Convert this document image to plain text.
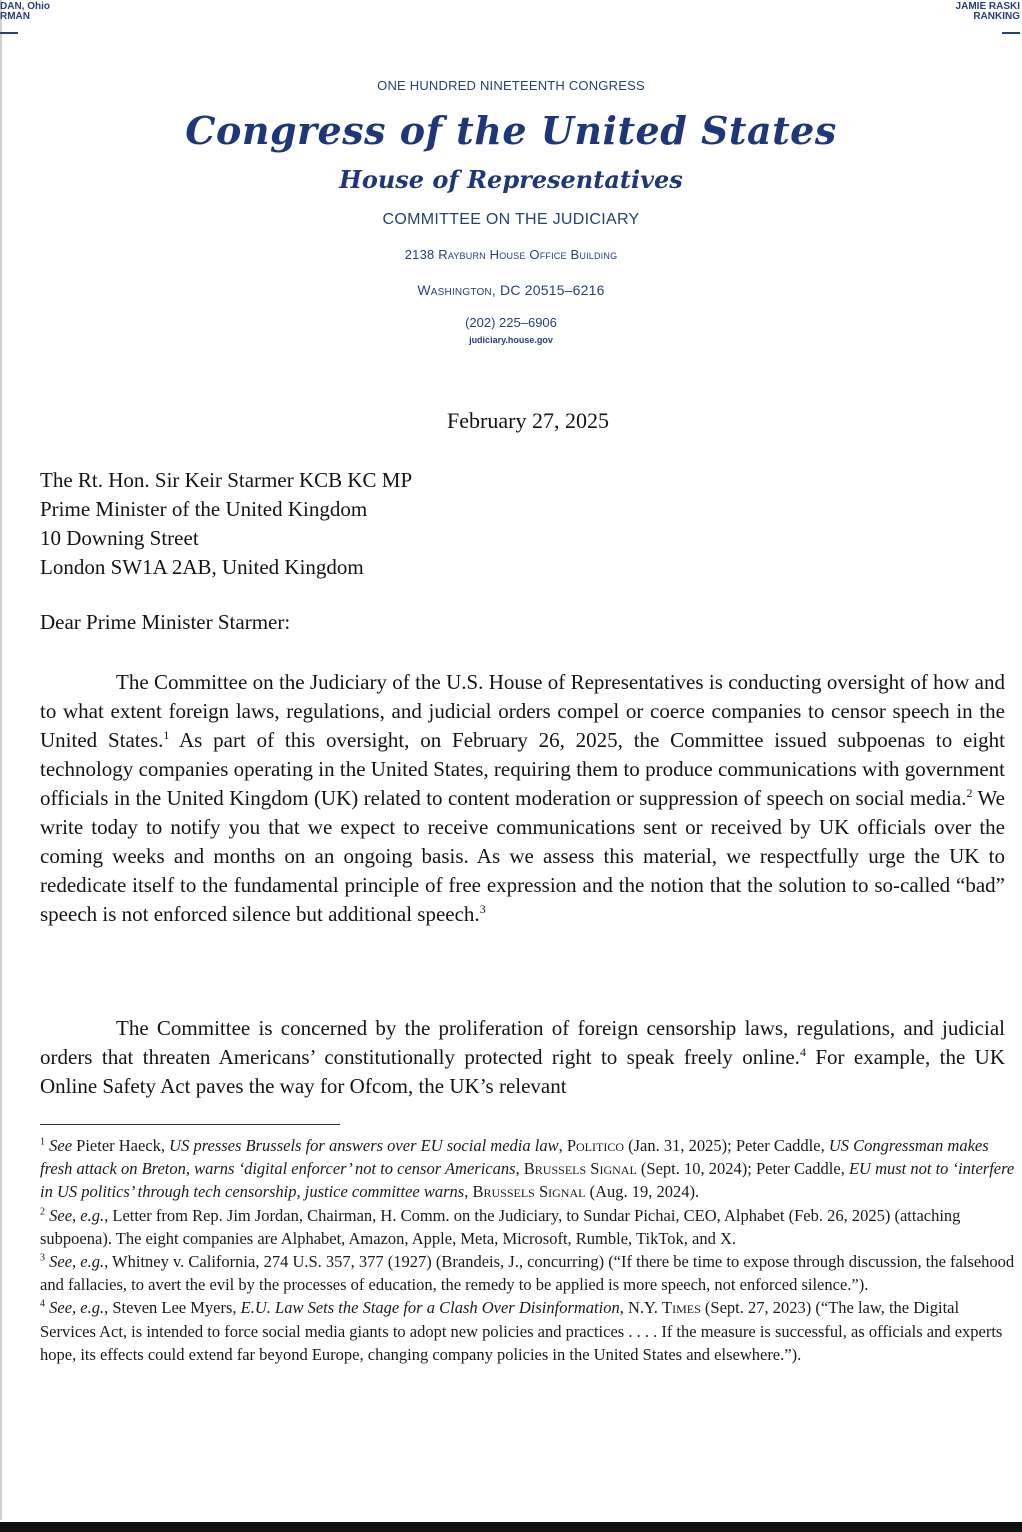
DAN, Ohio
RMAN
JAMIE RASKI
RANKING
ONE HUNDRED NINETEENTH CONGRESS
Congress of the United States
House of Representatives
COMMITTEE ON THE JUDICIARY
2138 Rayburn House Office Building
Washington, DC 20515–6216
(202) 225–6906
judiciary.house.gov
February 27, 2025
The Rt. Hon. Sir Keir Starmer KCB KC MP
Prime Minister of the United Kingdom
10 Downing Street
London SW1A 2AB, United Kingdom
Dear Prime Minister Starmer:

The Committee on the Judiciary of the U.S. House of Representatives is conducting oversight of how and to what extent foreign laws, regulations, and judicial orders compel or coerce companies to censor speech in the United States.$^1$ As part of this oversight, on February 26, 2025, the Committee issued subpoenas to eight technology companies operating in the United States, requiring them to produce communications with government officials in the United Kingdom (UK) related to content moderation or suppression of speech on social media.$^2$ We write today to notify you that we expect to receive communications sent or received by UK officials over the coming weeks and months on an ongoing basis. As we assess this material, we respectfully urge the UK to rededicate itself to the fundamental principle of free expression and the notion that the solution to so-called “bad” speech is not enforced silence but additional speech.$^3$

The Committee is concerned by the proliferation of foreign censorship laws, regulations, and judicial orders that threaten Americans’ constitutionally protected right to speak freely online.$^4$ For example, the UK Online Safety Act paves the way for Ofcom, the UK’s relevant

$^1$ See Pieter Haeck, US presses Brussels for answers over EU social media law, Politico (Jan. 31, 2025); Peter Caddle, US Congressman makes fresh attack on Breton, warns ‘digital enforcer’ not to censor Americans, Brussels Signal (Sept. 10, 2024); Peter Caddle, EU must not to ‘interfere in US politics’ through tech censorship, justice committee warns, Brussels Signal (Aug. 19, 2024).

$^2$ See, e.g., Letter from Rep. Jim Jordan, Chairman, H. Comm. on the Judiciary, to Sundar Pichai, CEO, Alphabet (Feb. 26, 2025) (attaching subpoena). The eight companies are Alphabet, Amazon, Apple, Meta, Microsoft, Rumble, TikTok, and X.

$^3$ See, e.g., Whitney v. California, 274 U.S. 357, 377 (1927) (Brandeis, J., concurring) (“If there be time to expose through discussion, the falsehood and fallacies, to avert the evil by the processes of education, the remedy to be applied is more speech, not enforced silence.”).

$^4$ See, e.g., Steven Lee Myers, E.U. Law Sets the Stage for a Clash Over Disinformation, N.Y. Times (Sept. 27, 2023) (“The law, the Digital Services Act, is intended to force social media giants to adopt new policies and practices . . . . If the measure is successful, as officials and experts hope, its effects could extend far beyond Europe, changing company policies in the United States and elsewhere.”).
